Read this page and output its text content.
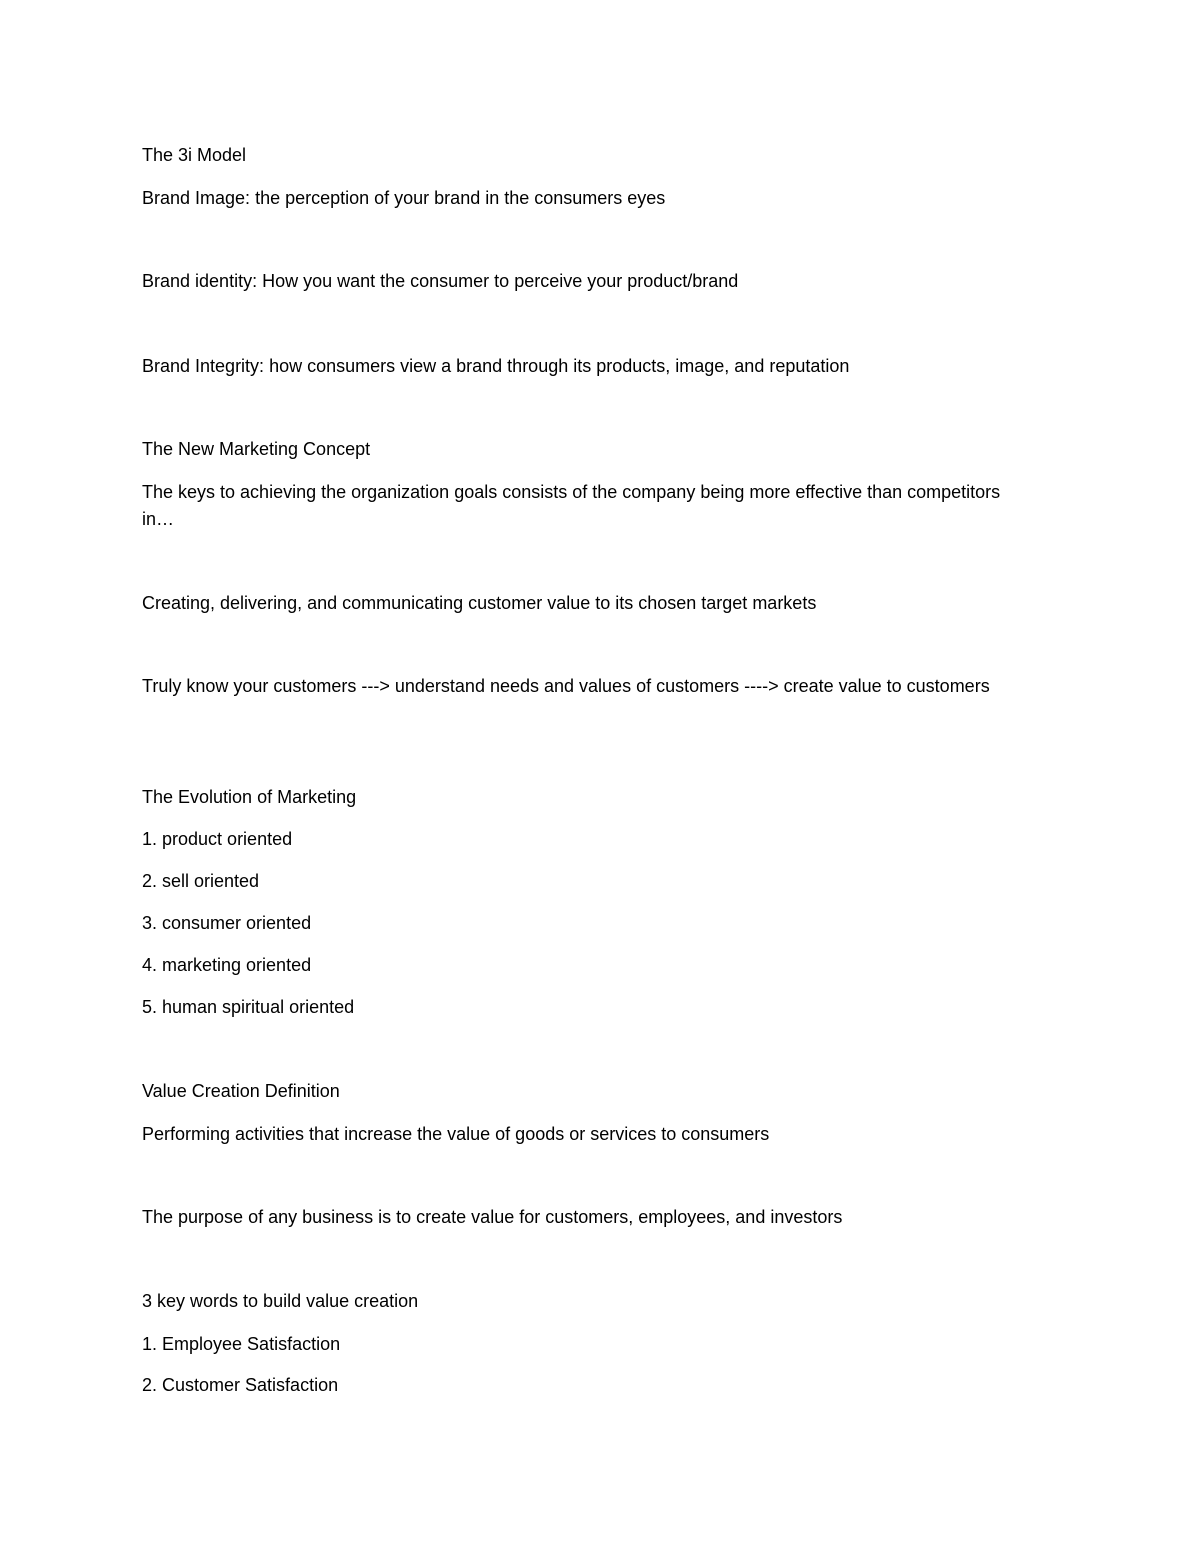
The 3i Model

Brand Image: the perception of your brand in the consumers eyes

Brand identity: How you want the consumer to perceive your product/brand

Brand Integrity: how consumers view a brand through its products, image, and reputation

The New Marketing Concept

The keys to achieving the organization goals consists of the company being more effective than competitors in…

Creating, delivering, and communicating customer value to its chosen target markets

Truly know your customers ---> understand needs and values of customers ----> create value to customers

The Evolution of Marketing

1. product oriented

2. sell oriented

3. consumer oriented

4. marketing oriented

5. human spiritual oriented

Value Creation Definition

Performing activities that increase the value of goods or services to consumers

The purpose of any business is to create value for customers, employees, and investors

3 key words to build value creation

1. Employee Satisfaction

2. Customer Satisfaction
